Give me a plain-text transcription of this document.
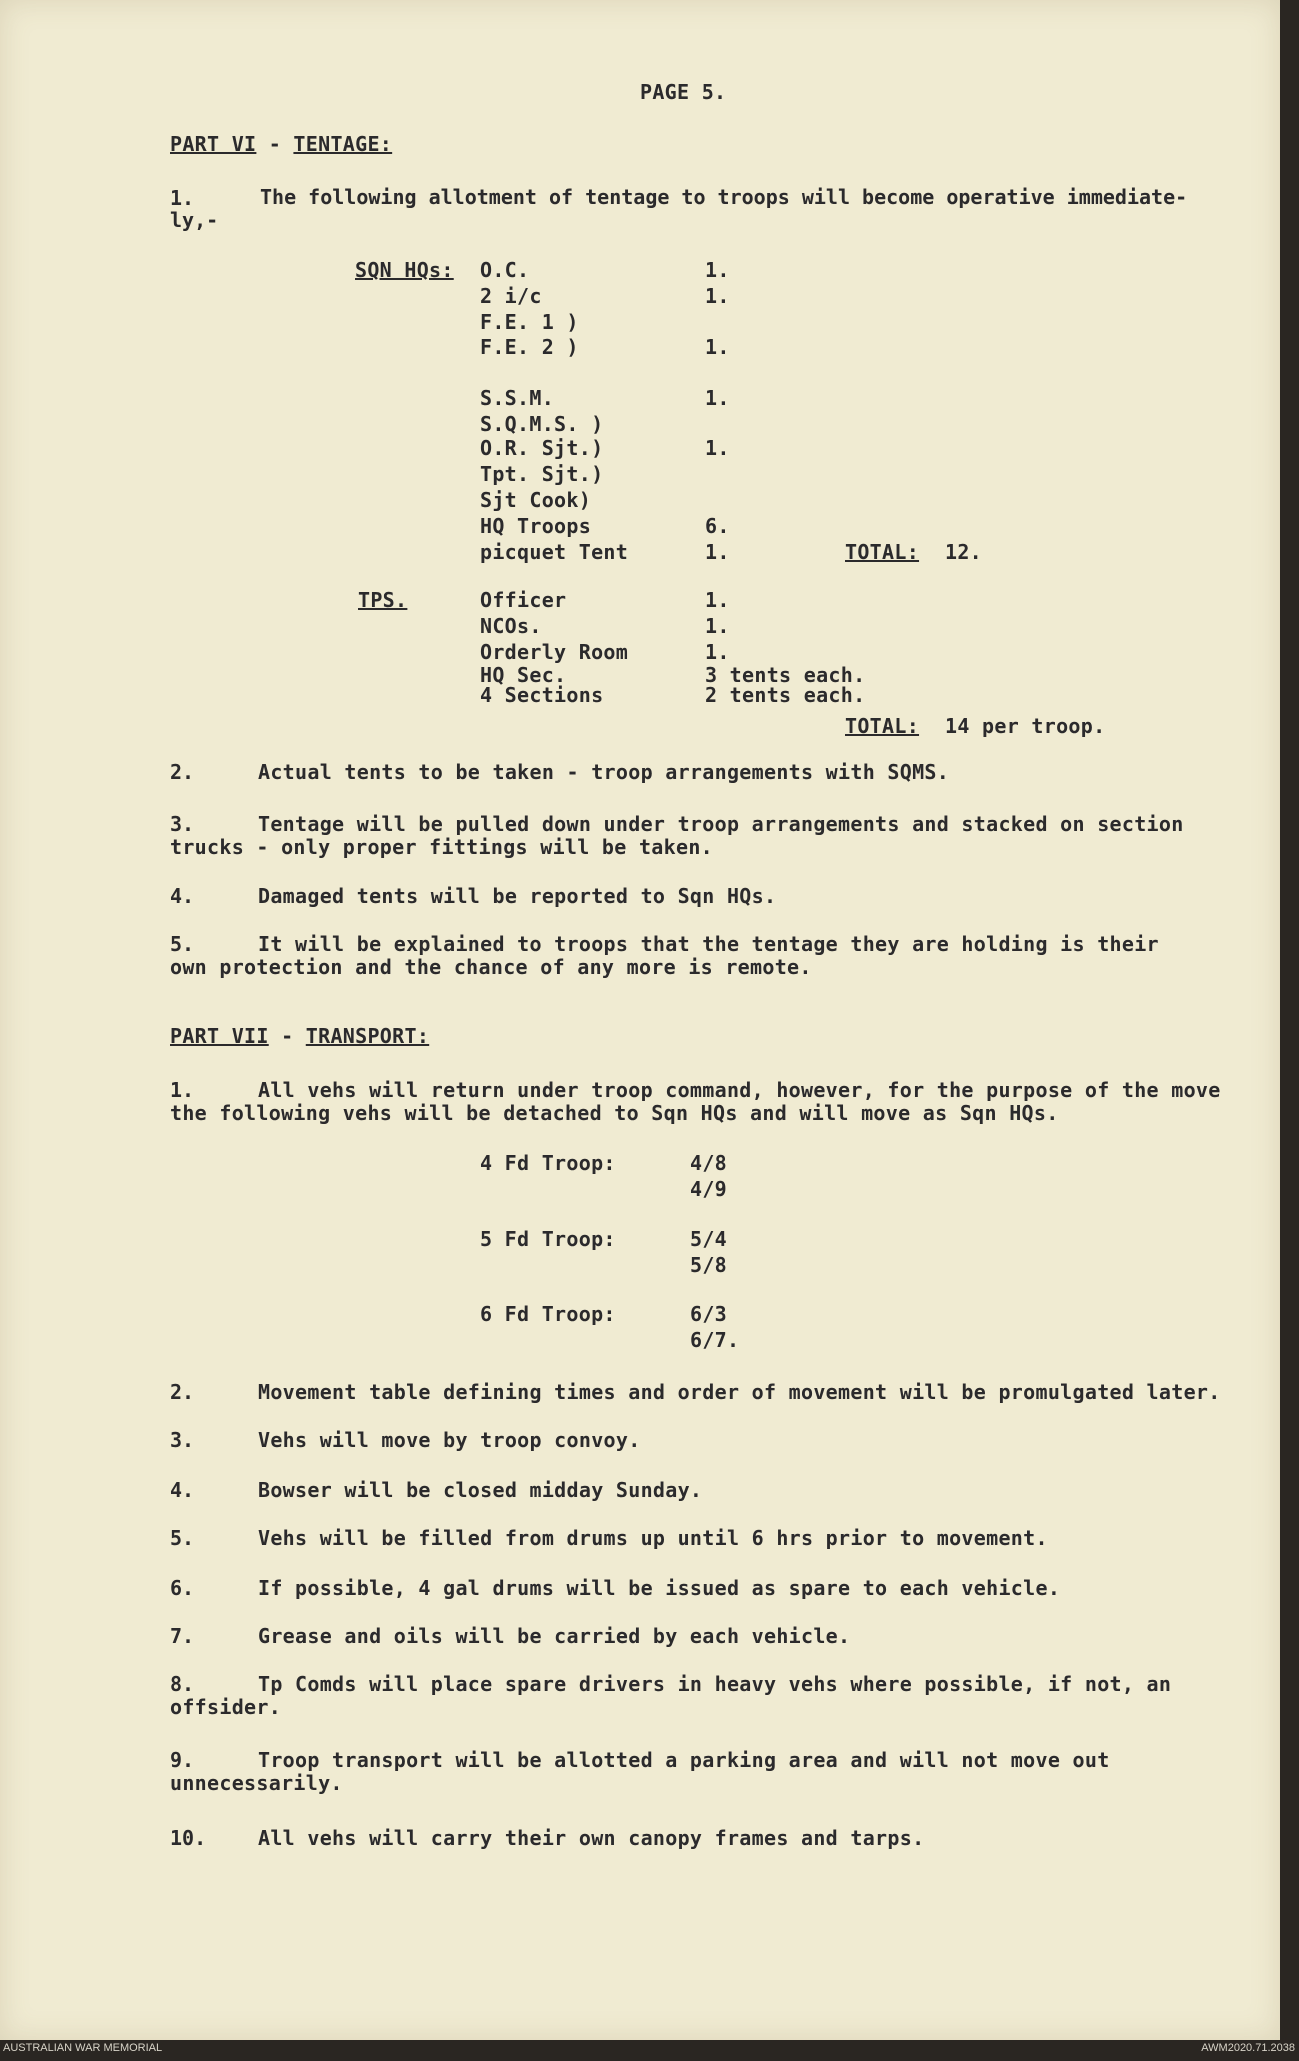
PAGE 5.
PART VI - TENTAGE:
1.	The following allotment of tentage to troops will become operative immediate-ly,-
SQN HQs: O.C.	1.
2 i/c	1.
F.E. 1 )
F.E. 2 )	1.
S.S.M.	1.
S.Q.M.S. )
O.R. Sjt.)	1.
Tpt. Sjt.)
Sjt Cook)
HQ Troops	6.
picquet Tent	1.	TOTAL: 12.
TPS.	Officer	1.
NCOs.	1.
Orderly Room	1.
HQ Sec.	3 tents each.
4 Sections	2 tents each.
TOTAL: 14 per troop.
2.	Actual tents to be taken - troop arrangements with SQMS.
3.	Tentage will be pulled down under troop arrangements and stacked on section
trucks - only proper fittings will be taken.
4.	Damaged tents will be reported to Sqn HQs.
5.	It will be explained to troops that the tentage they are holding is their
own protection and the chance of any more is remote.
PART VII - TRANSPORT:
1.	All vehs will return under troop command, however, for the purpose of the move
the following vehs will be detached to Sqn HQs and will move as Sqn HQs.
4 Fd Troop:	4/8
4/9
5 Fd Troop:	5/4
5/8
6 Fd Troop:	6/3
6/7.
2.	Movement table defining times and order of movement will be promulgated later.
3.	Vehs will move by troop convoy.
4.	Bowser will be closed midday Sunday.
5.	Vehs will be filled from drums up until 6 hrs prior to movement.
6.	If possible, 4 gal drums will be issued as spare to each vehicle.
7.	Grease and oils will be carried by each vehicle.
8.	Tp Comds will place spare drivers in heavy vehs where possible, if not, an
offsider.
9.	Troop transport will be allotted a parking area and will not move out
unnecessarily.
10.	All vehs will carry their own canopy frames and tarps.
AUSTRALIAN WAR MEMORIAL	AWM2020.71.2038
